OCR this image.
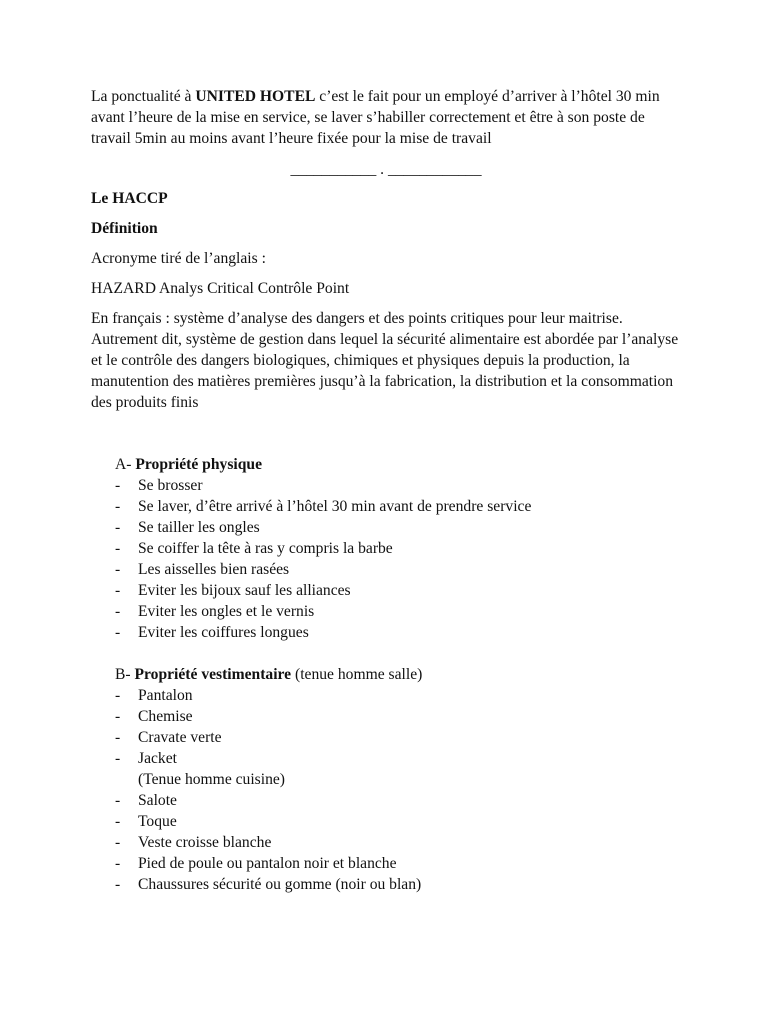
La ponctualité à UNITED HOTEL c’est le fait pour un employé d’arriver à l’hôtel 30 min avant l’heure de la mise en service, se laver s’habiller correctement et être à son poste de travail 5min au moins avant l’heure fixée pour la mise de travail

___________ . ____________

Le HACCP

Définition

Acronyme tiré de l’anglais :

HAZARD Analys Critical Contrôle Point

En français : système d’analyse des dangers et des points critiques pour leur maitrise. Autrement dit, système de gestion dans lequel la sécurité alimentaire est abordée par l’analyse et le contrôle des dangers biologiques, chimiques et physiques depuis la production, la manutention des matières premières jusqu’à la fabrication, la distribution et la consommation des produits finis

A- Propriété physique

- Se brosser
- Se laver, d’être arrivé à l’hôtel 30 min avant de prendre service
- Se tailler les ongles
- Se coiffer la tête à ras y compris la barbe
- Les aisselles bien rasées
- Eviter les bijoux sauf les alliances
- Eviter les ongles et le vernis
- Eviter les coiffures longues

B- Propriété vestimentaire (tenue homme salle)

- Pantalon
- Chemise
- Cravate verte
- Jacket
(Tenue homme cuisine)
- Salote
- Toque
- Veste croisse blanche
- Pied de poule ou pantalon noir et blanche
- Chaussures sécurité ou gomme (noir ou blan)
